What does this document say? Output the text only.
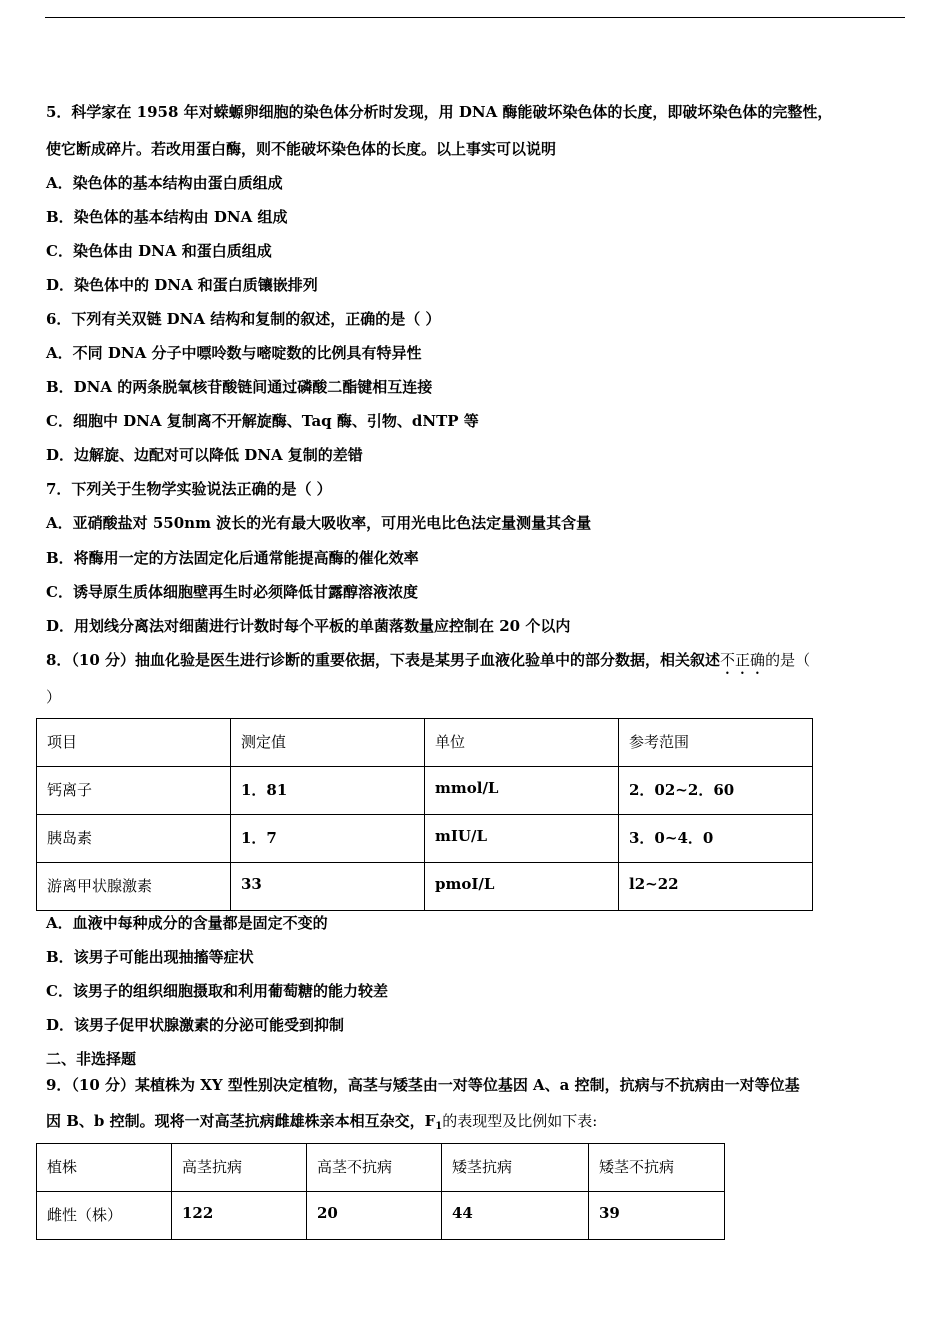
5．科学家在 1958 年对蝾螈卵细胞的染色体分析时发现，用 DNA 酶能破坏染色体的长度，即破坏染色体的完整性，
使它断成碎片。若改用蛋白酶，则不能破坏染色体的长度。以上事实可以说明
A．染色体的基本结构由蛋白质组成
B．染色体的基本结构由 DNA 组成
C．染色体由 DNA 和蛋白质组成
D．染色体中的 DNA 和蛋白质镶嵌排列
6．下列有关双链 DNA 结构和复制的叙述，正确的是（ ）
A．不同 DNA 分子中嘌呤数与嘧啶数的比例具有特异性
B．DNA 的两条脱氧核苷酸链间通过磷酸二酯键相互连接
C．细胞中 DNA 复制离不开解旋酶、Taq 酶、引物、dNTP 等
D．边解旋、边配对可以降低 DNA 复制的差错
7．下列关于生物学实验说法正确的是（ ）
A．亚硝酸盐对 550nm 波长的光有最大吸收率，可用光电比色法定量测量其含量
B．将酶用一定的方法固定化后通常能提高酶的催化效率
C．诱导原生质体细胞壁再生时必须降低甘露醇溶液浓度
D．用划线分离法对细菌进行计数时每个平板的单菌落数量应控制在 20 个以内
8．（10 分）抽血化验是医生进行诊断的重要依据，下表是某男子血液化验单中的部分数据，相关叙述不正确的是（
）
项目	测定值	单位	参考范围
钙离子	1．81	mmol/L	2．02~2．60
胰岛素	1．7	mIU/L	3．0~4．0
游离甲状腺激素	33	pmoI/L	l2~22
A．血液中每种成分的含量都是固定不变的
B．该男子可能出现抽搐等症状
C．该男子的组织细胞摄取和利用葡萄糖的能力较差
D．该男子促甲状腺激素的分泌可能受到抑制
二、非选择题
9．（10 分）某植株为 XY 型性别决定植物，高茎与矮茎由一对等位基因 A、a 控制，抗病与不抗病由一对等位基
因 B、b 控制。现将一对高茎抗病雌雄株亲本相互杂交，$F_1$的表现型及比例如下表:
植株	高茎抗病	高茎不抗病	矮茎抗病	矮茎不抗病
雌性（株）	122	20	44	39
